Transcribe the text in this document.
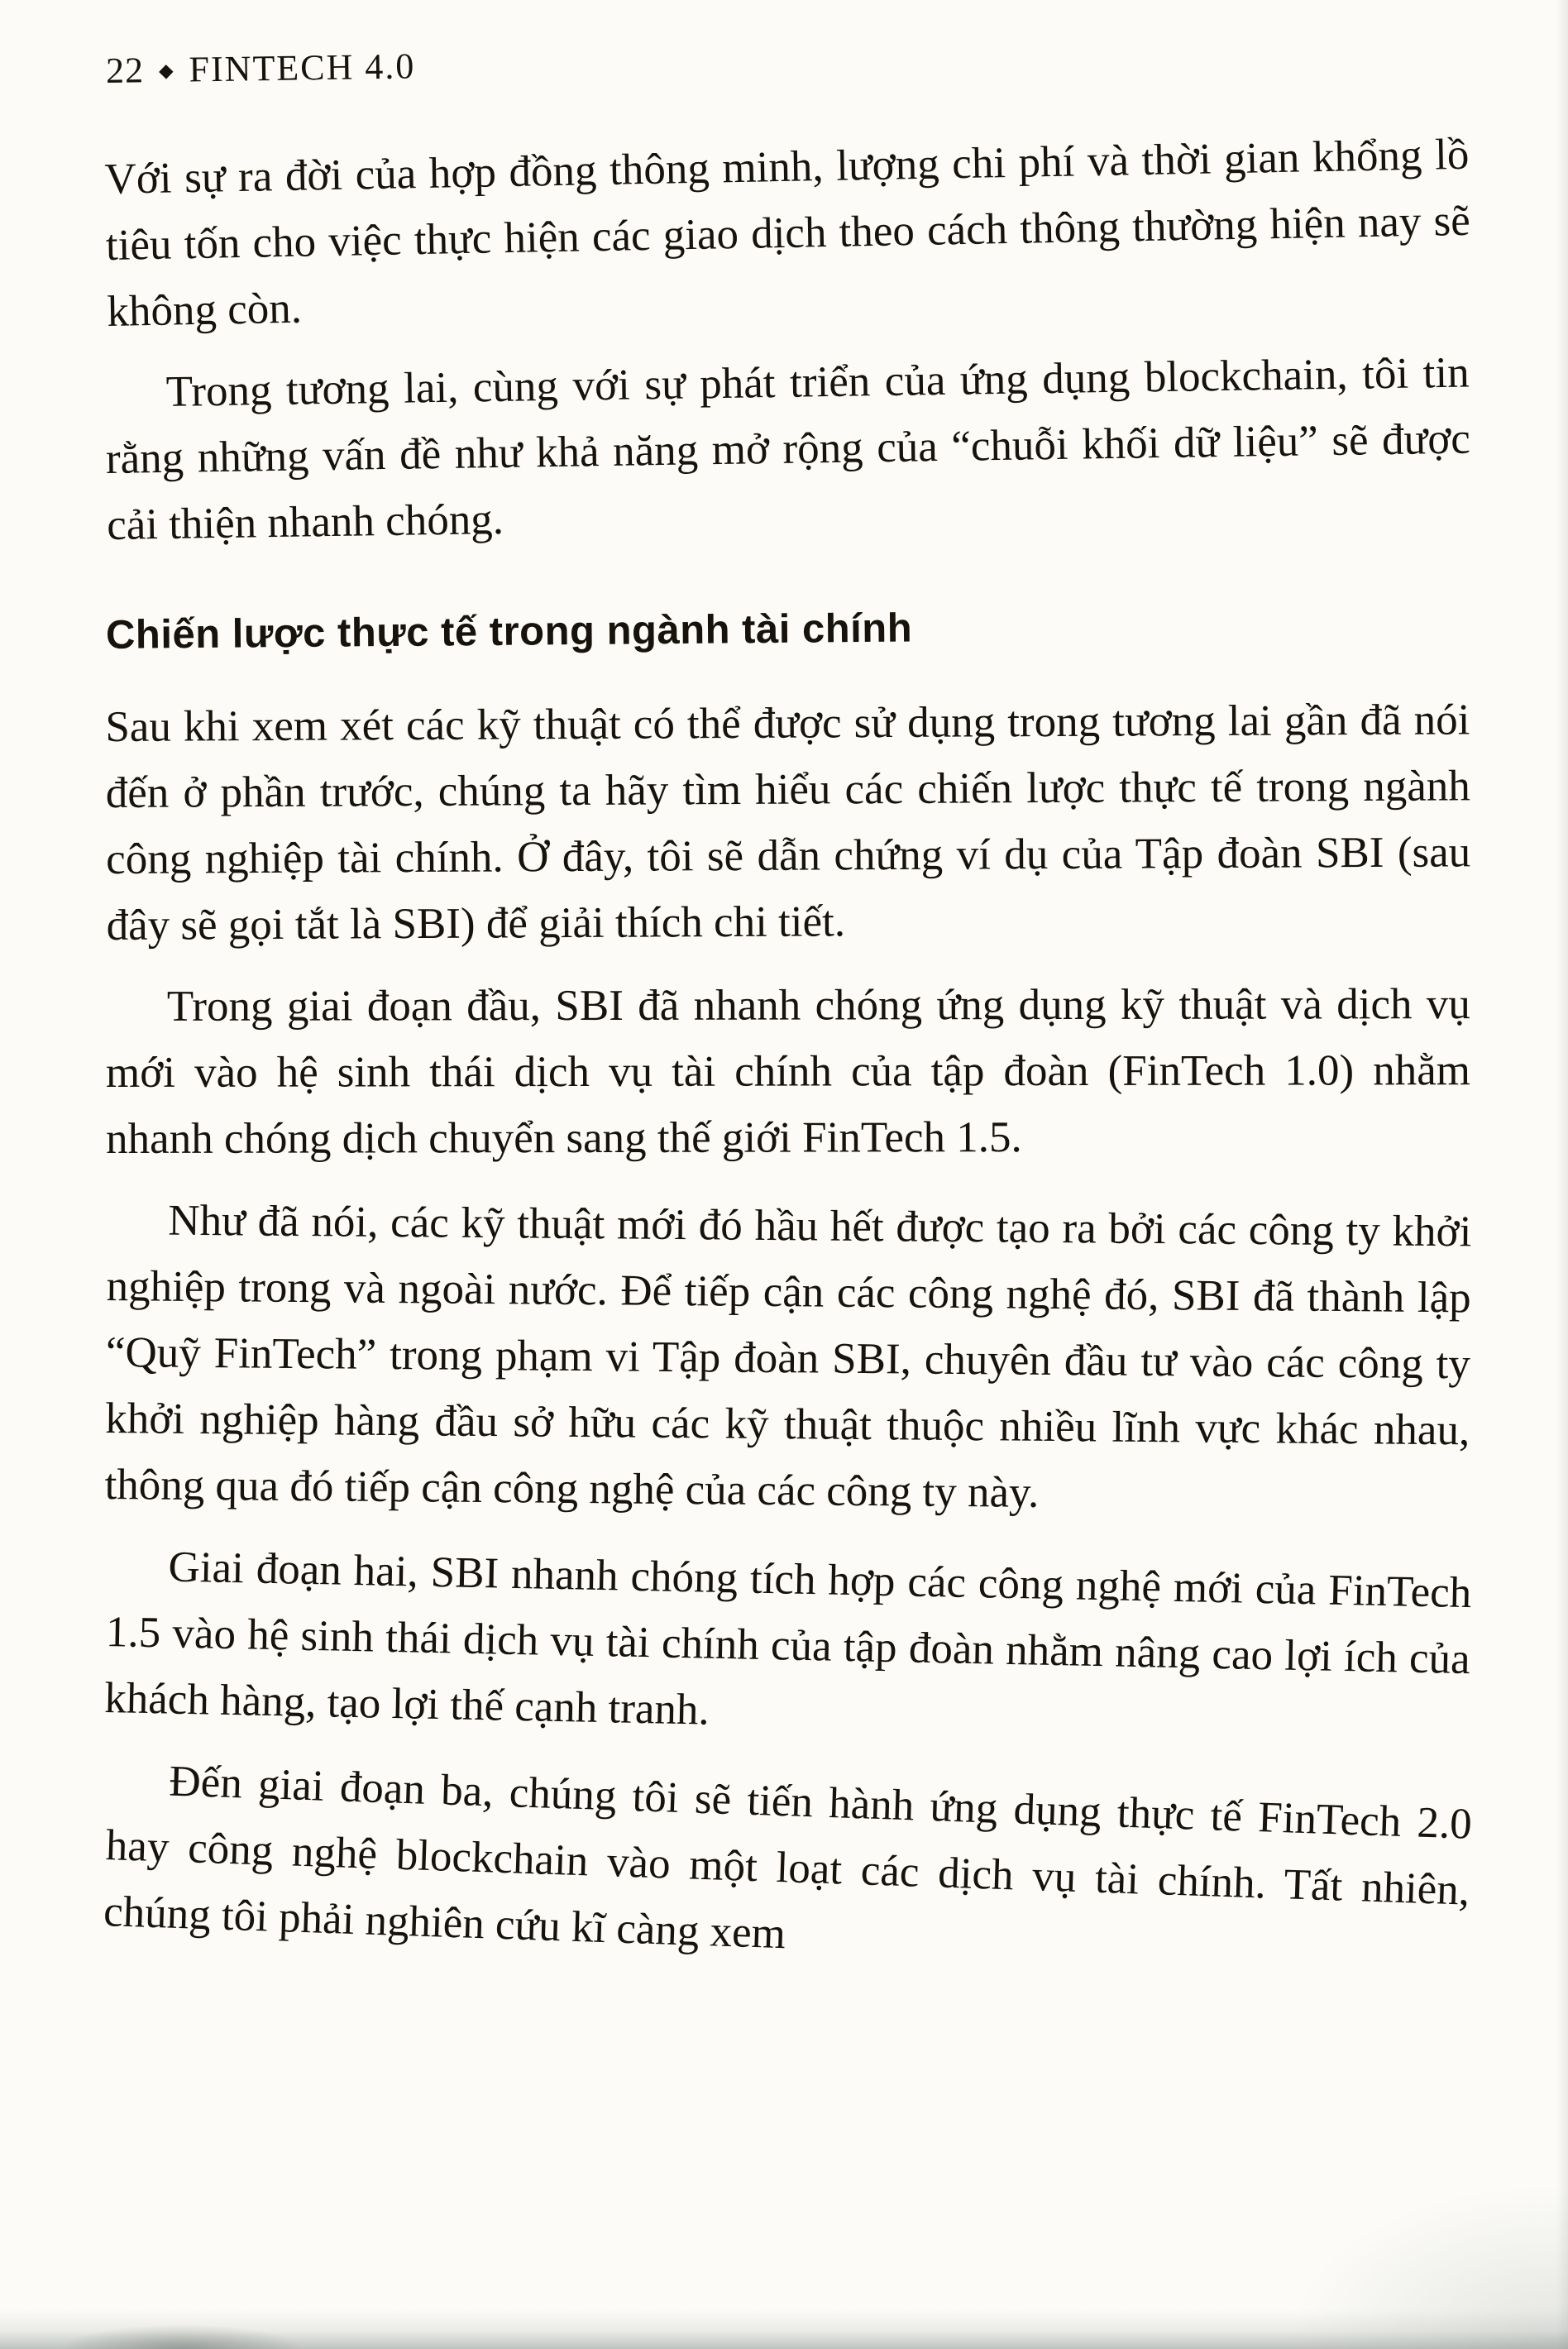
22 ◆ FINTECH 4.0

Với sự ra đời của hợp đồng thông minh, lượng chi phí và thời gian khổng lồ tiêu tốn cho việc thực hiện các giao dịch theo cách thông thường hiện nay sẽ không còn.

Trong tương lai, cùng với sự phát triển của ứng dụng blockchain, tôi tin rằng những vấn đề như khả năng mở rộng của “chuỗi khối dữ liệu” sẽ được cải thiện nhanh chóng.

Chiến lược thực tế trong ngành tài chính

Sau khi xem xét các kỹ thuật có thể được sử dụng trong tương lai gần đã nói đến ở phần trước, chúng ta hãy tìm hiểu các chiến lược thực tế trong ngành công nghiệp tài chính. Ở đây, tôi sẽ dẫn chứng ví dụ của Tập đoàn SBI (sau đây sẽ gọi tắt là SBI) để giải thích chi tiết.

Trong giai đoạn đầu, SBI đã nhanh chóng ứng dụng kỹ thuật và dịch vụ mới vào hệ sinh thái dịch vụ tài chính của tập đoàn (FinTech 1.0) nhằm nhanh chóng dịch chuyển sang thế giới FinTech 1.5.

Như đã nói, các kỹ thuật mới đó hầu hết được tạo ra bởi các công ty khởi nghiệp trong và ngoài nước. Để tiếp cận các công nghệ đó, SBI đã thành lập “Quỹ FinTech” trong phạm vi Tập đoàn SBI, chuyên đầu tư vào các công ty khởi nghiệp hàng đầu sở hữu các kỹ thuật thuộc nhiều lĩnh vực khác nhau, thông qua đó tiếp cận công nghệ của các công ty này.

Giai đoạn hai, SBI nhanh chóng tích hợp các công nghệ mới của FinTech 1.5 vào hệ sinh thái dịch vụ tài chính của tập đoàn nhằm nâng cao lợi ích của khách hàng, tạo lợi thế cạnh tranh.

Đến giai đoạn ba, chúng tôi sẽ tiến hành ứng dụng thực tế FinTech 2.0 hay công nghệ blockchain vào một loạt các dịch vụ tài chính. Tất nhiên, chúng tôi phải nghiên cứu kĩ càng xem
